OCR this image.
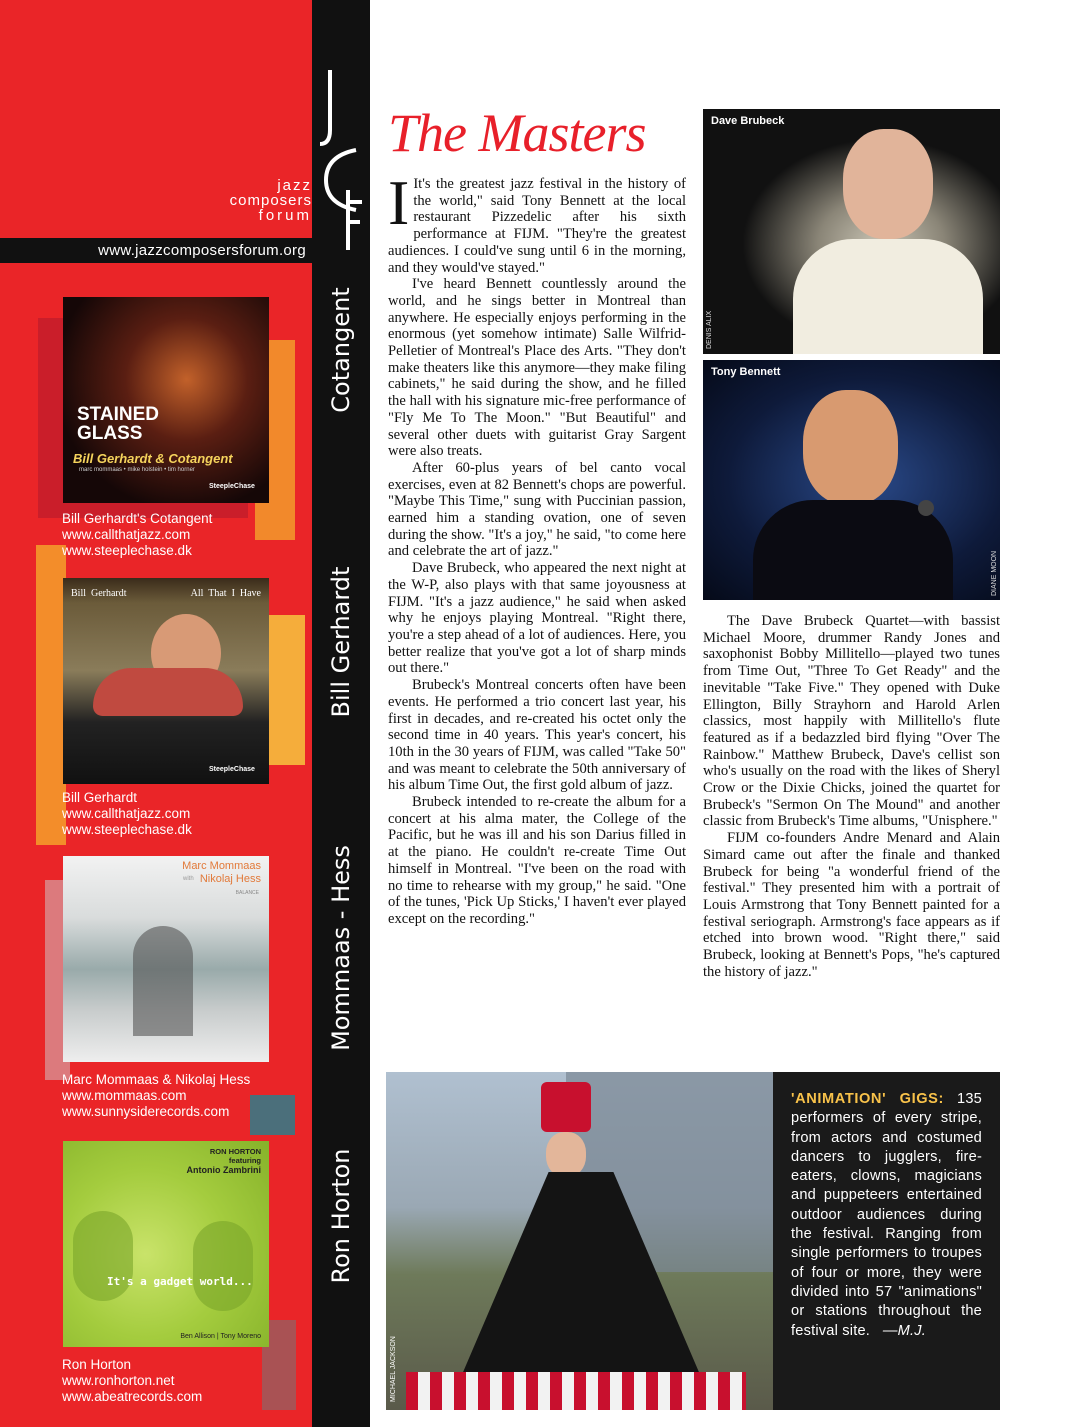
jazz
composers
forum
www.jazzcomposersforum.org
STAINED GLASS
Bill Gerhardt & Cotangent
marc mommaas • mike holstein • tim horner
SteepleChase
Bill Gerhardt's Cotangent
www.callthatjazz.com
www.steeplechase.dk
Bill  Gerhardt	All  That  I  Have
SteepleChase
Bill Gerhardt
www.callthatjazz.com
www.steeplechase.dk
Marc Mommaas
with Nikolaj Hess
BALANCE
Marc Mommaas & Nikolaj Hess
www.mommaas.com
www.sunnysiderecords.com
RON HORTON
featuring
Antonio Zambrini
It's a gadget world...
Ben Allison | Tony Moreno
Ron Horton
www.ronhorton.net
www.abeatrecords.com
Cotangent
Bill Gerhardt
Mommaas - Hess
Ron Horton
The Masters

I It's the greatest jazz festival in the history of the world," said Tony Bennett at the local restaurant Pizzedelic after his sixth performance at FIJM. "They're the greatest audiences. I could've sung until 6 in the morning, and they would've stayed."

I've heard Bennett countlessly around the world, and he sings better in Montreal than anywhere. He especially enjoys performing in the enormous (yet somehow intimate) Salle Wilfrid-Pelletier of Montreal's Place des Arts. "They don't make theaters like this anymore—they make filing cabinets," he said during the show, and he filled the hall with his signature mic-free performance of "Fly Me To The Moon." "But Beautiful" and several other duets with guitarist Gray Sargent were also treats.

After 60-plus years of bel canto vocal exercises, even at 82 Bennett's chops are powerful. "Maybe This Time," sung with Puccinian passion, earned him a standing ovation, one of seven during the show. "It's a joy," he said, "to come here and celebrate the art of jazz."

Dave Brubeck, who appeared the next night at the W-P, also plays with that same joyousness at FIJM. "It's a jazz audience," he said when asked why he enjoys playing Montreal. "Right there, you're a step ahead of a lot of audiences. Here, you better realize that you've got a lot of sharp minds out there."

Brubeck's Montreal concerts often have been events. He performed a trio concert last year, his first in decades, and re-created his octet only the second time in 40 years. This year's concert, his 10th in the 30 years of FIJM, was called "Take 50" and was meant to celebrate the 50th anniversary of his album Time Out, the first gold album of jazz.

Brubeck intended to re-create the album for a concert at his alma mater, the College of the Pacific, but he was ill and his son Darius filled in at the piano. He couldn't re-create Time Out himself in Montreal. "I've been on the road with no time to rehearse with my group," he said. "One of the tunes, 'Pick Up Sticks,' I haven't ever played except on the recording."

Dave Brubeck
DENIS ALIX
Tony Bennett
DIANE MOON

The Dave Brubeck Quartet—with bassist Michael Moore, drummer Randy Jones and saxophonist Bobby Millitello—played two tunes from Time Out, "Three To Get Ready" and the inevitable "Take Five." They opened with Duke Ellington, Billy Strayhorn and Harold Arlen classics, most happily with Millitello's flute featured as if a bedazzled bird flying "Over The Rainbow." Matthew Brubeck, Dave's cellist son who's usually on the road with the likes of Sheryl Crow or the Dixie Chicks, joined the quartet for Brubeck's "Sermon On The Mound" and another classic from Brubeck's Time albums, "Unisphere."

FIJM co-founders Andre Menard and Alain Simard came out after the finale and thanked Brubeck for being "a wonderful friend of the festival." They presented him with a portrait of Louis Armstrong that Tony Bennett painted for a festival seriograph. Armstrong's face appears as if etched into brown wood. "Right there," said Brubeck, looking at Bennett's Pops, "he's captured the history of jazz."

MICHAEL JACKSON
'ANIMATION' GIGS: 135 performers of every stripe, from actors and costumed dancers to jugglers, fire-eaters, clowns, magicians and puppeteers entertained outdoor audiences during the festival. Ranging from single performers to troupes of four or more, they were divided into 57 "animations" or stations throughout the festival site. —M.J.
